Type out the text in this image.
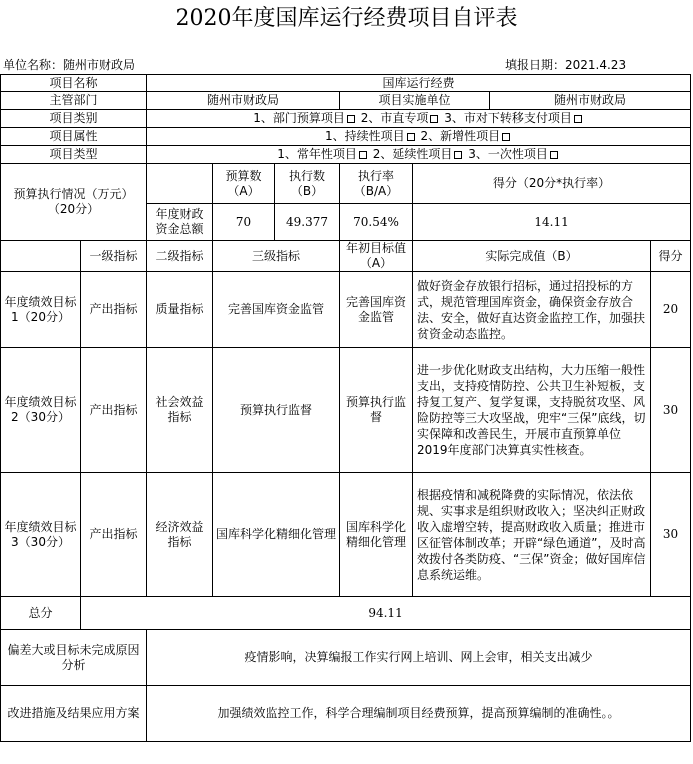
2020年度国库运行经费项目自评表
单位名称：随州市财政局	填报日期：2021.4.23
项目名称		国库运行经费						
主管部门		随州市财政局			项目实施单位		随州市财政局	
项目类别		1、部门预算项目 2、市直专项 3、市对下转移支付项目						
项目属性		1、持续性项目 2、新增性项目						
项目类型		1、常年性项目 2、延续性项目 3、一次性项目						
预算执行情况（万元）（20分）			预算数（A）	执行数（B）	执行率（B/A）	得分（20分*执行率）		
		年度财政资金总额	70	49.377	70.54%	14.11		
	一级指标	二级指标	三级指标		年初目标值（A）	实际完成值（B）		得分
年度绩效目标1（20分）	产出指标	质量指标	完善国库资金监管		完善国库资金监管	做好资金存放银行招标，通过招投标的方式，规范管理国库资金，确保资金存放合法、安全，做好直达资金监控工作，加强扶贫资金动态监控。		20
年度绩效目标2（30分）	产出指标	社会效益指标	预算执行监督		预算执行监督	进一步优化财政支出结构，大力压缩一般性支出，支持疫情防控、公共卫生补短板，支持复工复产、复学复课，支持脱贫攻坚、风险防控等三大攻坚战，兜牢“三保”底线，切实保障和改善民生，开展市直预算单位2019年度部门决算真实性核查。		30
年度绩效目标3（30分）	产出指标	经济效益指标	国库科学化精细化管理		国库科学化精细化管理	根据疫情和减税降费的实际情况，依法依规、实事求是组织财政收入；坚决纠正财政收入虚增空转，提高财政收入质量；推进市区征管体制改革；开辟“绿色通道”，及时高效拨付各类防疫、“三保”资金；做好国库信息系统运维。		30
总分	94.11							
偏差大或目标未完成原因分析		疫情影响，决算编报工作实行网上培训、网上会审，相关支出减少						
改进措施及结果应用方案		加强绩效监控工作，科学合理编制项目经费预算，提高预算编制的准确性。。						
